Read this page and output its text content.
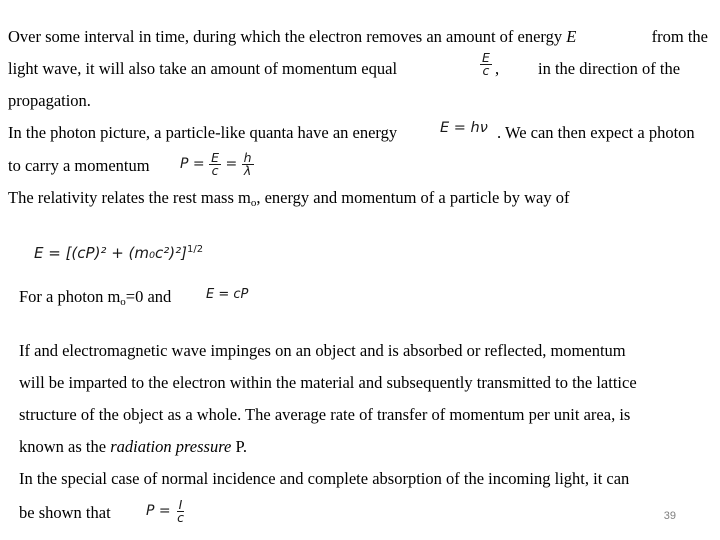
Over some interval in time, during which the electron removes an amount of energy E	from the
light wave, it will also take an amount of momentum equal	$\frac{E}{c}$ , in the direction of the
propagation.
In the photon picture, a particle-like quanta have an energy	E = hν . We can then expect a photon
to carry a momentum $P = \frac{E}{c} = \frac{h}{\lambda}$
The relativity relates the rest mass $m_o$, energy and momentum of a particle by way of
$E = [(cP)^2 + (m_0c^2)^2]^{1/2}$
For a photon $m_o=0$ and	E = cP
If and electromagnetic wave impinges on an object and is absorbed or reflected, momentum
will be imparted to the electron within the material and subsequently transmitted to the lattice
structure of the object as a whole. The average rate of transfer of momentum per unit area, is
known as the radiation pressure P.
In the special case of normal incidence and complete absorption of the incoming light, it can
be shown that	$P = \frac{I}{c}$	39
